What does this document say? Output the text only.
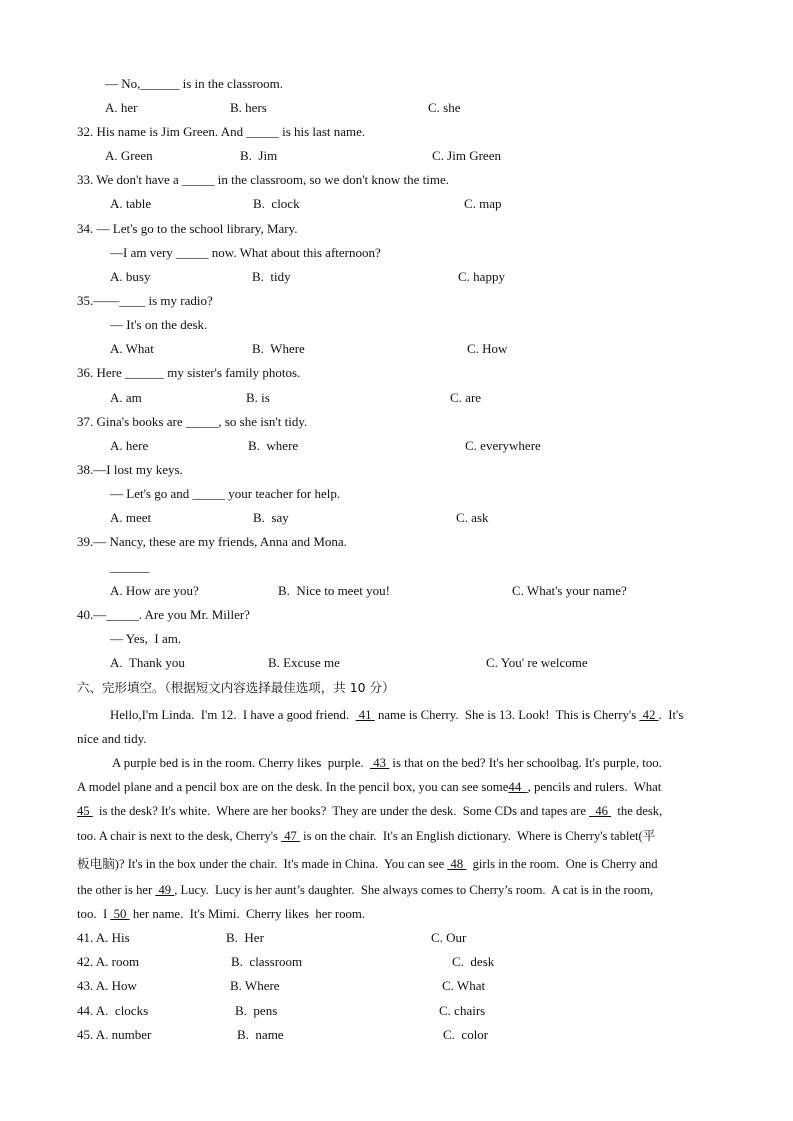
— No,______ is in the classroom.
A. her	B. hers	C. she
32. His name is Jim Green. And _____ is his last name.
A. Green	B.  Jim	C. Jim Green
33. We don't have a _____ in the classroom, so we don't know the time.
A. table	B.  clock	C. map
34. — Let's go to the school library, Mary.
—I am very _____ now. What about this afternoon?
A. busy	B.  tidy	C. happy
35.——____ is my radio?
— It's on the desk.
A. What	B.  Where	C. How
36. Here ______ my sister's family photos.
A. am	B. is	C. are
37. Gina's books are _____, so she isn't tidy.
A. here	B.  where	C. everywhere
38.—I lost my keys.
— Let's go and _____ your teacher for help.
A. meet	B.  say	C. ask
39.— Nancy, these are my friends, Anna and Mona.
______
A. How are you?	B.  Nice to meet you!	C. What's your name?
40.—_____. Are you Mr. Miller?
— Yes,  I am.
A.  Thank you	B. Excuse me	C. You' re welcome
六、完形填空。（根据短文内容选择最佳选项，共 10 分）
Hello,I'm Linda.  I'm 12.  I have a good friend.   41  name is Cherry.  She is 13. Look!  This is Cherry's  42 .  It's
nice and tidy.
A purple bed is in the room. Cherry likes  purple.   43  is that on the bed? It's her schoolbag. It's purple, too.
A model plane and a pencil box are on the desk. In the pencil box, you can see some44  , pencils and rulers.  What
45   is the desk? It's white.  Where are her books?  They are under the desk.  Some CDs and tapes are _46   the desk,
too. A chair is next to the desk, Cherry's  47  is on the chair.  It's an English dictionary.  Where is Cherry's tablet(平
板电脑)? It's in the box under the chair.  It's made in China.  You can see  48   girls in the room.  One is Cherry and
the other is her  49 , Lucy.  Lucy is her aunt’s daughter.  She always comes to Cherry’s room.  A cat is in the room,
too.  I  50  her name.  It's Mimi.  Cherry likes  her room.
41. A. His	B.  Her	C. Our
42. A. room	B.  classroom	C.  desk
43. A. How	B. Where	C. What
44. A.  clocks	B.  pens	C. chairs
45. A. number	B.  name	C.  color
